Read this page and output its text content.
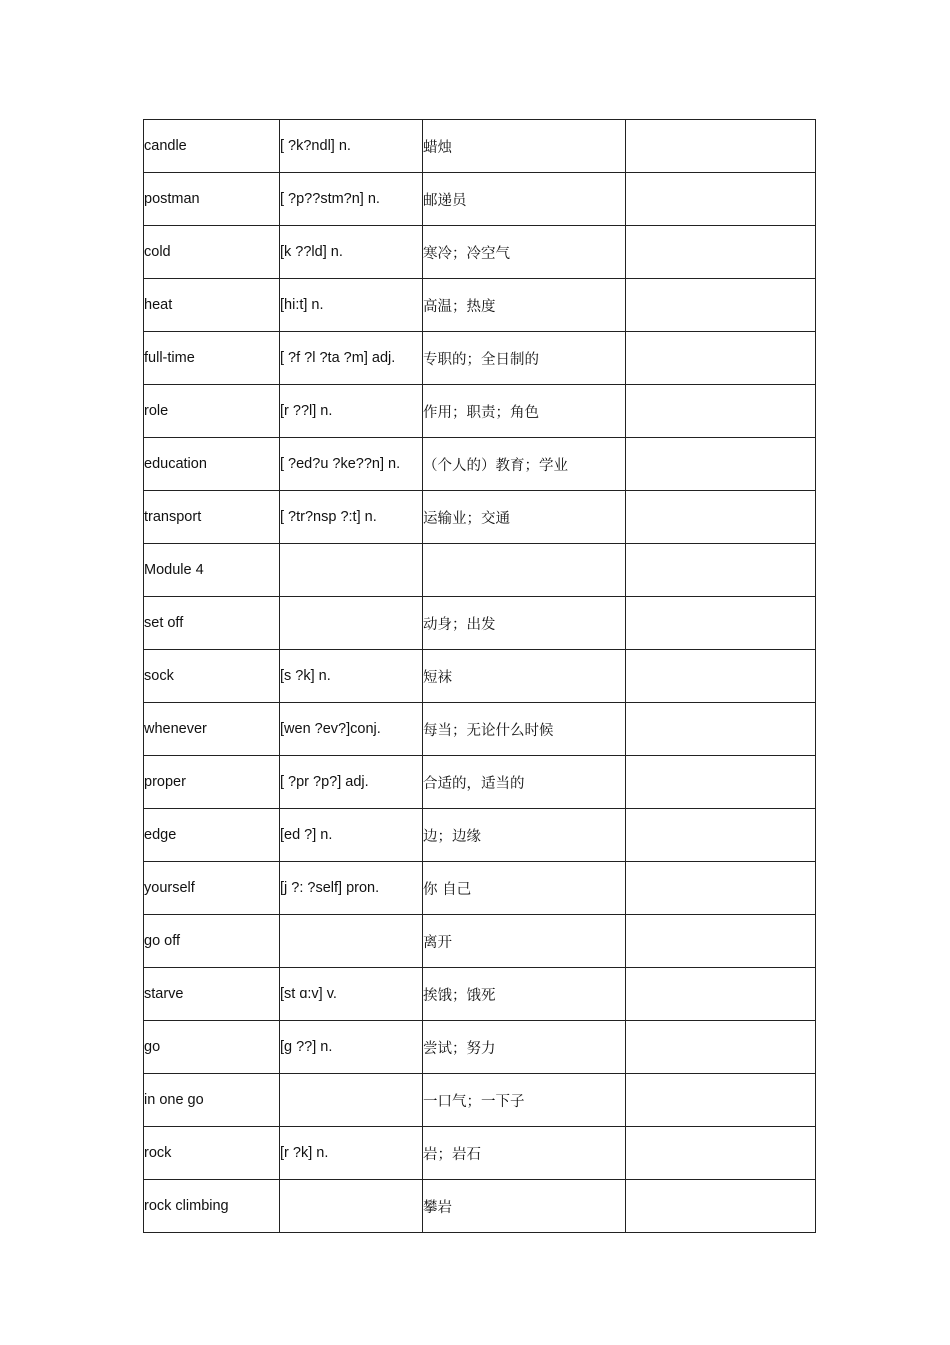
candle	[ ?k?ndl] n.	蜡烛	
postman	[ ?p??stm?n] n.	邮递员	
cold	[k ??ld] n.	寒冷；冷空气	
heat	[hi:t] n.	高温；热度	
full-time	[ ?f ?l ?ta ?m] adj.	专职的；全日制的	
role	[r ??l] n.	作用；职责；角色	
education	[ ?ed?u ?ke??n] n.	（个人的）教育；学业	
transport	[ ?tr?nsp ?:t] n.	运输业；交通	
Module 4			
set off		动身；出发	
sock	[s ?k] n.	短袜	
whenever	[wen ?ev?]conj.	每当；无论什么时候	
proper	[ ?pr ?p?] adj.	合适的，适当的	
edge	[ed ?] n.	边；边缘	
yourself	[j ?: ?self] pron.	你 自己	
go off		离开	
starve	[st ɑ:v] v.	挨饿；饿死	
go	[g ??] n.	尝试；努力	
in one go		一口气；一下子	
rock	[r ?k] n.	岩；岩石	
rock climbing		攀岩	
